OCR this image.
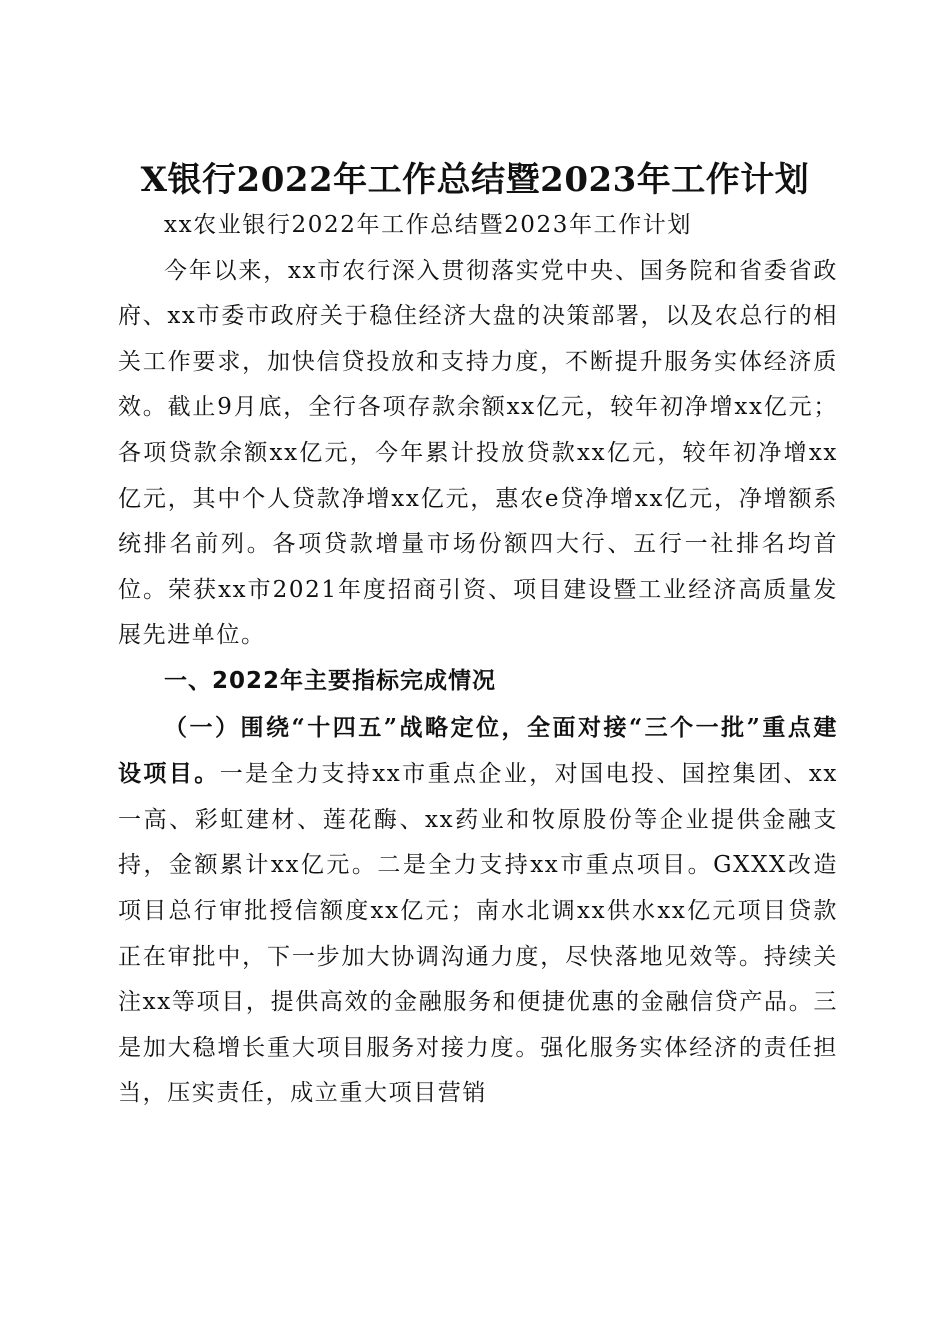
X银行2022年工作总结暨2023年工作计划

xx农业银行2022年工作总结暨2023年工作计划

今年以来，xx市农行深入贯彻落实党中央、国务院和省委省政府、xx市委市政府关于稳住经济大盘的决策部署，以及农总行的相关工作要求，加快信贷投放和支持力度，不断提升服务实体经济质效。截止9月底，全行各项存款余额xx亿元，较年初净增xx亿元；各项贷款余额xx亿元，今年累计投放贷款xx亿元，较年初净增xx亿元，其中个人贷款净增xx亿元，惠农e贷净增xx亿元，净增额系统排名前列。各项贷款增量市场份额四大行、五行一社排名均首位。荣获xx市2021年度招商引资、项目建设暨工业经济高质量发展先进单位。

一、2022年主要指标完成情况

（一）围绕“十四五”战略定位，全面对接“三个一批”重点建设项目。一是全力支持xx市重点企业，对国电投、国控集团、xx一高、彩虹建材、莲花酶、xx药业和牧原股份等企业提供金融支持，金额累计xx亿元。二是全力支持xx市重点项目。GXXX改造项目总行审批授信额度xx亿元；南水北调xx供水xx亿元项目贷款正在审批中，下一步加大协调沟通力度，尽快落地见效等。持续关注xx等项目，提供高效的金融服务和便捷优惠的金融信贷产品。三是加大稳增长重大项目服务对接力度。强化服务实体经济的责任担当，压实责任，成立重大项目营销
